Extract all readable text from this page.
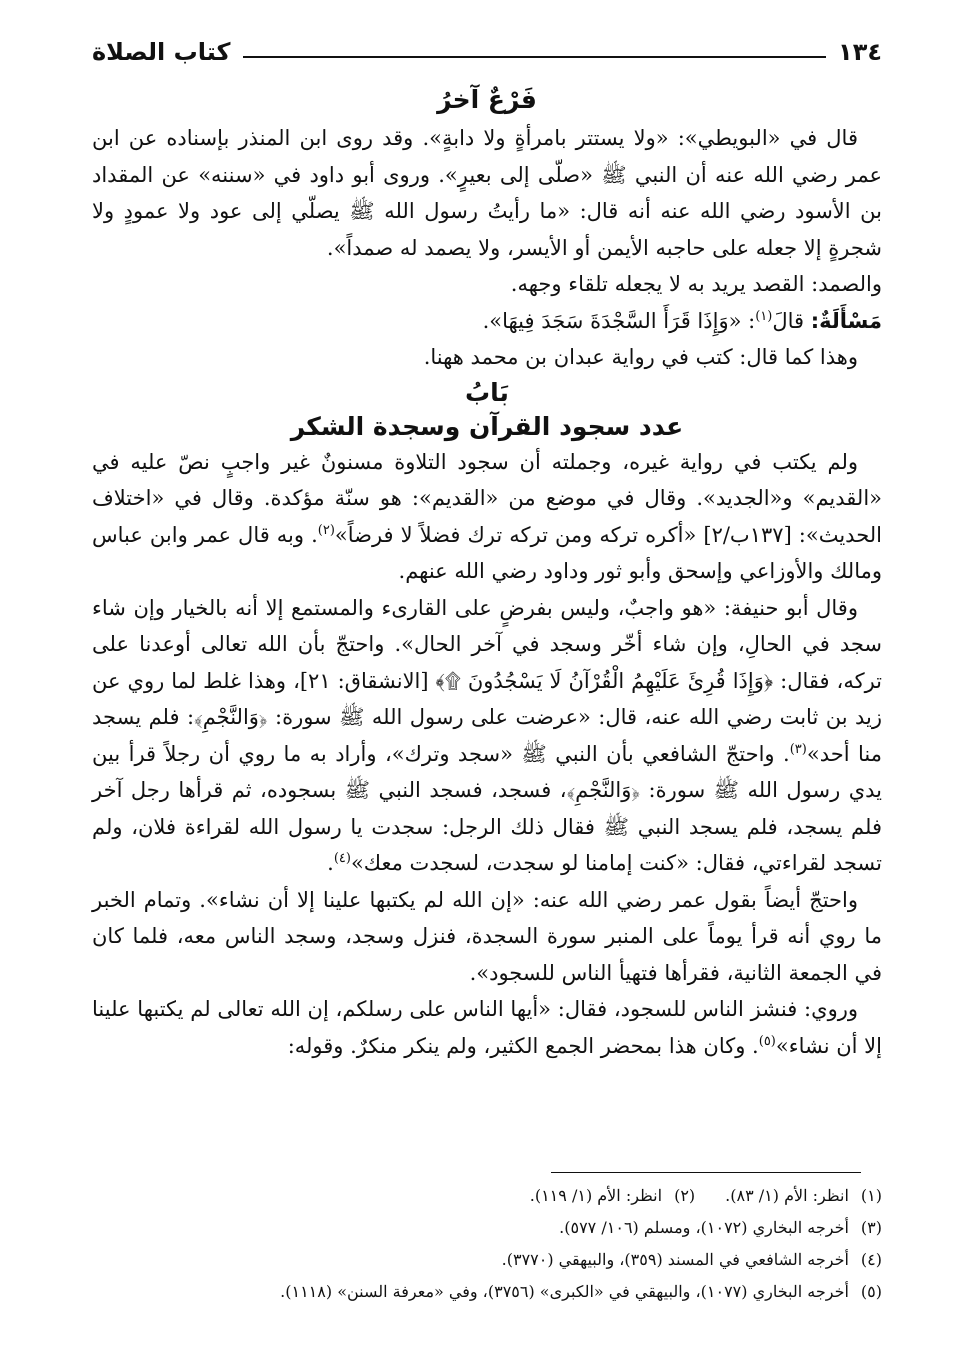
١٣٤
كتاب الصلاة
فَرْعٌ آخرُ

قال في «البويطي»: «ولا يستتر بامرأةٍ ولا دابةٍ». وقد روى ابن المنذر بإسناده عن ابن عمر رضي الله عنه أن النبي ﷺ «صلّى إلى بعيرٍ». وروى أبو داود في «سننه» عن المقداد بن الأسود رضي الله عنه أنه قال: «ما رأيتُ رسول الله ﷺ يصلّي إلى عود ولا عمودٍ ولا شجرةٍ إلا جعله على حاجبه الأيمن أو الأيسر، ولا يصمد له صمداً».

والصمد: القصد يريد به لا يجعله تلقاء وجهه.

مَسْأَلَةٌ: قالَ$^{(١)}$: «وَإِذَا قَرَأَ السَّجْدَةَ سَجَدَ فِيهَا».

وهذا كما قال: كتب في رواية عبدان بن محمد ههنا.

بَابُ
عدد سجود القرآن وسجدة الشكر

ولم يكتب في رواية غيره، وجملته أن سجود التلاوة مسنونٌ غير واجبٍ نصّ عليه في «القديم» و«الجديد». وقال في موضع من «القديم»: هو سنّة مؤكدة. وقال في «اختلاف الحديث»: [١٣٧ب/٢] «أكره تركه ومن تركه ترك فضلاً لا فرضاً»$^{(٢)}$. وبه قال عمر وابن عباس ومالك والأوزاعي وإسحق وأبو ثور وداود رضي الله عنهم.

وقال أبو حنيفة: «هو واجبٌ، وليس بفرضٍ على القارىء والمستمع إلا أنه بالخيار وإن شاء سجد في الحالِ، وإن شاء أخّر وسجد في آخر الحال». واحتجّ بأن الله تعالى أوعدنا على تركه، فقال: ﴿وَإِذَا قُرِئَ عَلَيْهِمُ الْقُرْآنُ لَا يَسْجُدُونَ ۩﴾ [الانشقاق: ٢١]، وهذا غلط لما روي عن زيد بن ثابت رضي الله عنه، قال: «عرضت على رسول الله ﷺ سورة: ﴿وَالنَّجْمِ﴾: فلم يسجد منا أحد»$^{(٣)}$. واحتجّ الشافعي بأن النبي ﷺ «سجد وترك»، وأراد به ما روي أن رجلاً قرأ بين يدي رسول الله ﷺ سورة: ﴿وَالنَّجْمِ﴾، فسجد، فسجد النبي ﷺ بسجوده، ثم قرأها رجل آخر فلم يسجد، فلم يسجد النبي ﷺ فقال ذلك الرجل: سجدت يا رسول الله لقراءة فلان، ولم تسجد لقراءتي، فقال: «كنت إمامنا لو سجدت، لسجدت معك»$^{(٤)}$.

واحتجّ أيضاً بقول عمر رضي الله عنه: «إن الله لم يكتبها علينا إلا أن نشاء». وتمام الخبر ما روي أنه قرأ يوماً على المنبر سورة السجدة، فنزل وسجد، وسجد الناس معه، فلما كان في الجمعة الثانية، فقرأها فتهيأ الناس للسجود».

وروي: فنشز الناس للسجود، فقال: «أيها الناس على رسلكم، إن الله تعالى لم يكتبها علينا إلا أن نشاء»$^{(٥)}$. وكان هذا بمحضر الجمع الكثير، ولم ينكر منكرٌ. وقوله:

(١) انظر: الأم (١/ ٨٣).
(٢) انظر: الأم (١/ ١١٩).
(٣) أخرجه البخاري (١٠٧٢)، ومسلم (١٠٦/ ٥٧٧).
(٤) أخرجه الشافعي في المسند (٣٥٩)، والبيهقي (٣٧٧٠).
(٥) أخرجه البخاري (١٠٧٧)، والبيهقي في «الكبرى» (٣٧٥٦)، وفي «معرفة السنن» (١١١٨).
